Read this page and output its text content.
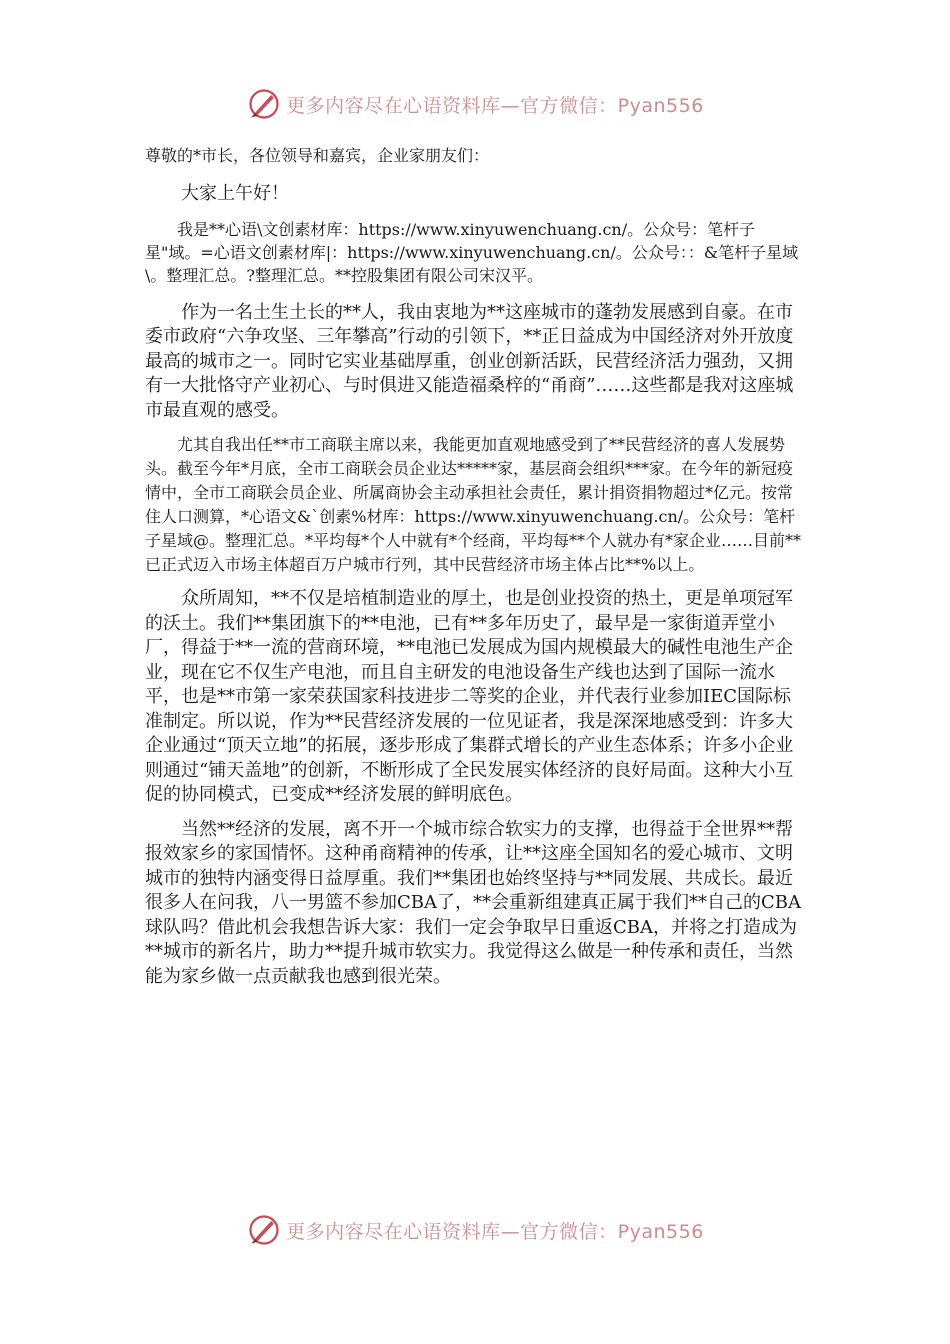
更多内容尽在心语资料库—官方微信：Pyan556

尊敬的*市长，各位领导和嘉宾，企业家朋友们：

大家上午好！

我是**心语\文创素材库：https://www.xinyuwenchuang.cn/。公众号：笔杆子星"域。=心语文创素材库|：https://www.xinyuwenchuang.cn/。公众号：：&笔杆子星域\。整理汇总。?整理汇总。**控股集团有限公司宋汉平。

作为一名土生土长的**人，我由衷地为**这座城市的蓬勃发展感到自豪。在市委市政府“六争攻坚、三年攀高”行动的引领下，**正日益成为中国经济对外开放度最高的城市之一。同时它实业基础厚重，创业创新活跃，民营经济活力强劲，又拥有一大批恪守产业初心、与时俱进又能造福桑梓的“甬商”……这些都是我对这座城市最直观的感受。

尤其自我出任**市工商联主席以来，我能更加直观地感受到了**民营经济的喜人发展势头。截至今年*月底，全市工商联会员企业达*****家，基层商会组织***家。在今年的新冠疫情中，全市工商联会员企业、所属商协会主动承担社会责任，累计捐资捐物超过*亿元。按常住人口测算，*心语文&`创素%材库：https://www.xinyuwenchuang.cn/。公众号：笔杆子星域@。整理汇总。*平均每*个人中就有*个经商，平均每**个人就办有*家企业……目前**已正式迈入市场主体超百万户城市行列，其中民营经济市场主体占比**%以上。

众所周知，**不仅是培植制造业的厚土，也是创业投资的热土，更是单项冠军的沃土。我们**集团旗下的**电池，已有**多年历史了，最早是一家街道弄堂小厂，得益于**一流的营商环境，**电池已发展成为国内规模最大的碱性电池生产企业，现在它不仅生产电池，而且自主研发的电池设备生产线也达到了国际一流水平，也是**市第一家荣获国家科技进步二等奖的企业，并代表行业参加IEC国际标准制定。所以说，作为**民营经济发展的一位见证者，我是深深地感受到：许多大企业通过“顶天立地”的拓展，逐步形成了集群式增长的产业生态体系；许多小企业则通过“铺天盖地”的创新，不断形成了全民发展实体经济的良好局面。这种大小互促的协同模式，已变成**经济发展的鲜明底色。

当然**经济的发展，离不开一个城市综合软实力的支撑，也得益于全世界**帮报效家乡的家国情怀。这种甬商精神的传承，让**这座全国知名的爱心城市、文明城市的独特内涵变得日益厚重。我们**集团也始终坚持与**同发展、共成长。最近很多人在问我，八一男篮不参加CBA了，**会重新组建真正属于我们**自己的CBA球队吗？借此机会我想告诉大家：我们一定会争取早日重返CBA，并将之打造成为**城市的新名片，助力**提升城市软实力。我觉得这么做是一种传承和责任，当然能为家乡做一点贡献我也感到很光荣。

更多内容尽在心语资料库—官方微信：Pyan556
